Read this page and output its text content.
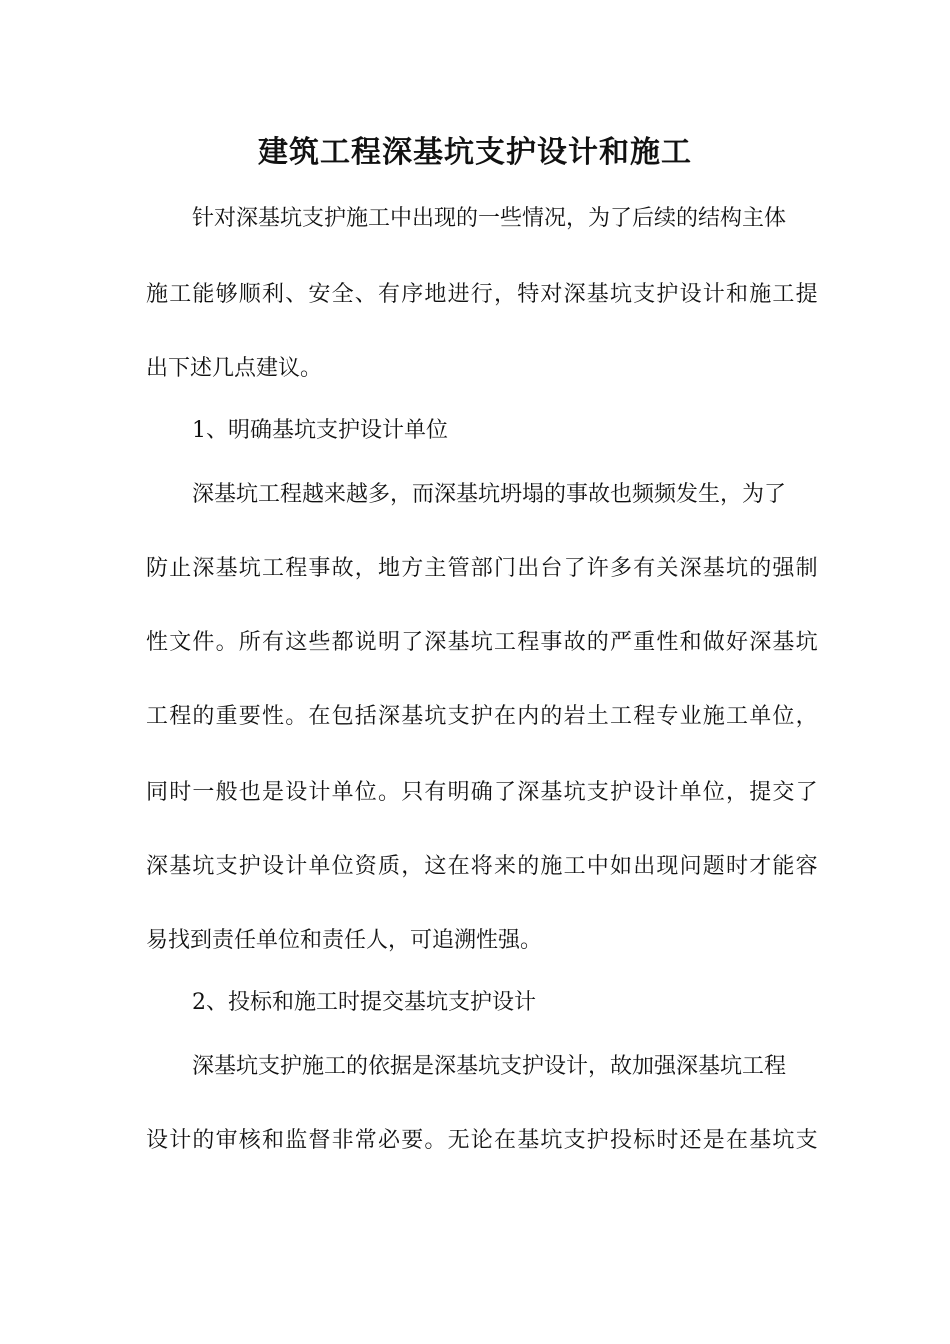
建筑工程深基坑支护设计和施工

针对深基坑支护施工中出现的一些情况，为了后续的结构主体

施工能够顺利、安全、有序地进行，特对深基坑支护设计和施工提

出下述几点建议。

1、明确基坑支护设计单位

深基坑工程越来越多，而深基坑坍塌的事故也频频发生，为了

防止深基坑工程事故，地方主管部门出台了许多有关深基坑的强制

性文件。所有这些都说明了深基坑工程事故的严重性和做好深基坑

工程的重要性。在包括深基坑支护在内的岩土工程专业施工单位，

同时一般也是设计单位。只有明确了深基坑支护设计单位，提交了

深基坑支护设计单位资质，这在将来的施工中如出现问题时才能容

易找到责任单位和责任人，可追溯性强。

2、投标和施工时提交基坑支护设计

深基坑支护施工的依据是深基坑支护设计，故加强深基坑工程

设计的审核和监督非常必要。无论在基坑支护投标时还是在基坑支
